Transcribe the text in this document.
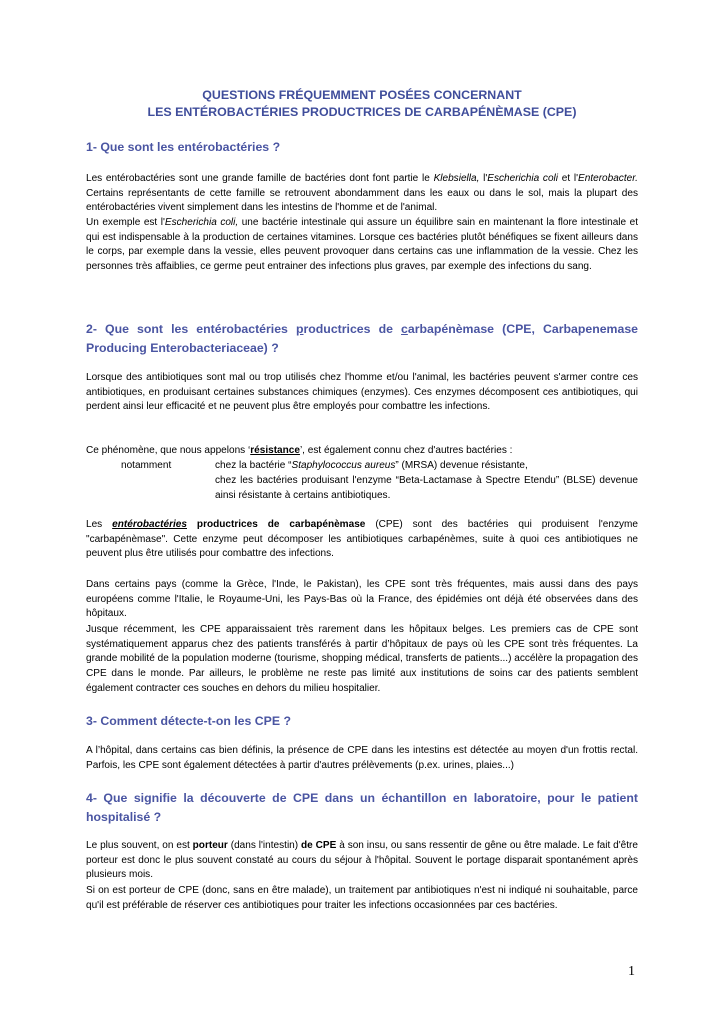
QUESTIONS FRÉQUEMMENT POSÉES CONCERNANT
LES ENTÉROBACTÉRIES PRODUCTRICES DE CARBAPÉNÈMASE (CPE)
1- Que sont les entérobactéries ?

Les entérobactéries sont une grande famille de bactéries dont font partie le Klebsiella, l'Escherichia coli et l'Enterobacter. Certains représentants de cette famille se retrouvent abondamment dans les eaux ou dans le sol, mais la plupart des entérobactéries vivent simplement dans les intestins de l'homme et de l'animal.

Un exemple est l'Escherichia coli, une bactérie intestinale qui assure un équilibre sain en maintenant la flore intestinale et qui est indispensable à la production de certaines vitamines. Lorsque ces bactéries plutôt bénéfiques se fixent ailleurs dans le corps, par exemple dans la vessie, elles peuvent provoquer dans certains cas une inflammation de la vessie. Chez les personnes très affaiblies, ce germe peut entrainer des infections plus graves, par exemple des infections du sang.

2- Que sont les entérobactéries productrices de carbapénèmase (CPE, Carbapenemase Producing Enterobacteriaceae) ?

Lorsque des antibiotiques sont mal ou trop utilisés chez l'homme et/ou l'animal, les bactéries peuvent s'armer contre ces antibiotiques, en produisant certaines substances chimiques (enzymes). Ces enzymes décomposent ces antibiotiques, qui perdent ainsi leur efficacité et ne peuvent plus être employés pour combattre les infections.

Ce phénomène, que nous appelons ‘résistance’, est également connu chez d'autres bactéries :
notamment	chez la bactérie “Staphylococcus aureus” (MRSA) devenue résistante,

chez les bactéries produisant l'enzyme “Beta-Lactamase à Spectre Etendu” (BLSE) devenue ainsi résistante à certains antibiotiques.

Les entérobactéries productrices de carbapénèmase (CPE) sont des bactéries qui produisent l'enzyme "carbapénèmase". Cette enzyme peut décomposer les antibiotiques carbapénèmes, suite à quoi ces antibiotiques ne peuvent plus être utilisés pour combattre des infections.

Dans certains pays (comme la Grèce, l'Inde, le Pakistan), les CPE sont très fréquentes, mais aussi dans des pays européens comme l'Italie, le Royaume-Uni, les Pays-Bas où la France, des épidémies ont déjà été observées dans des hôpitaux.

Jusque récemment, les CPE apparaissaient très rarement dans les hôpitaux belges. Les premiers cas de CPE sont systématiquement apparus chez des patients transférés à partir d’hôpitaux de pays où les CPE sont très fréquentes. La grande mobilité de la population moderne (tourisme, shopping médical, transferts de patients...) accélère la propagation des CPE dans le monde. Par ailleurs, le problème ne reste pas limité aux institutions de soins car des patients semblent également contracter ces souches en dehors du milieu hospitalier.

3- Comment détecte-t-on les CPE ?

A l’hôpital, dans certains cas bien définis, la présence de CPE dans les intestins est détectée au moyen d'un frottis rectal. Parfois, les CPE sont également détectées à partir d'autres prélèvements (p.ex. urines, plaies...)

4- Que signifie la découverte de CPE dans un échantillon en laboratoire, pour le patient hospitalisé ?

Le plus souvent, on est porteur (dans l'intestin) de CPE à son insu, ou sans ressentir de gêne ou être malade. Le fait d'être porteur est donc le plus souvent constaté au cours du séjour à l'hôpital. Souvent le portage disparait spontanément après plusieurs mois.

Si on est porteur de CPE (donc, sans en être malade), un traitement par antibiotiques n'est ni indiqué ni souhaitable, parce qu'il est préférable de réserver ces antibiotiques pour traiter les infections occasionnées par ces bactéries.

1
